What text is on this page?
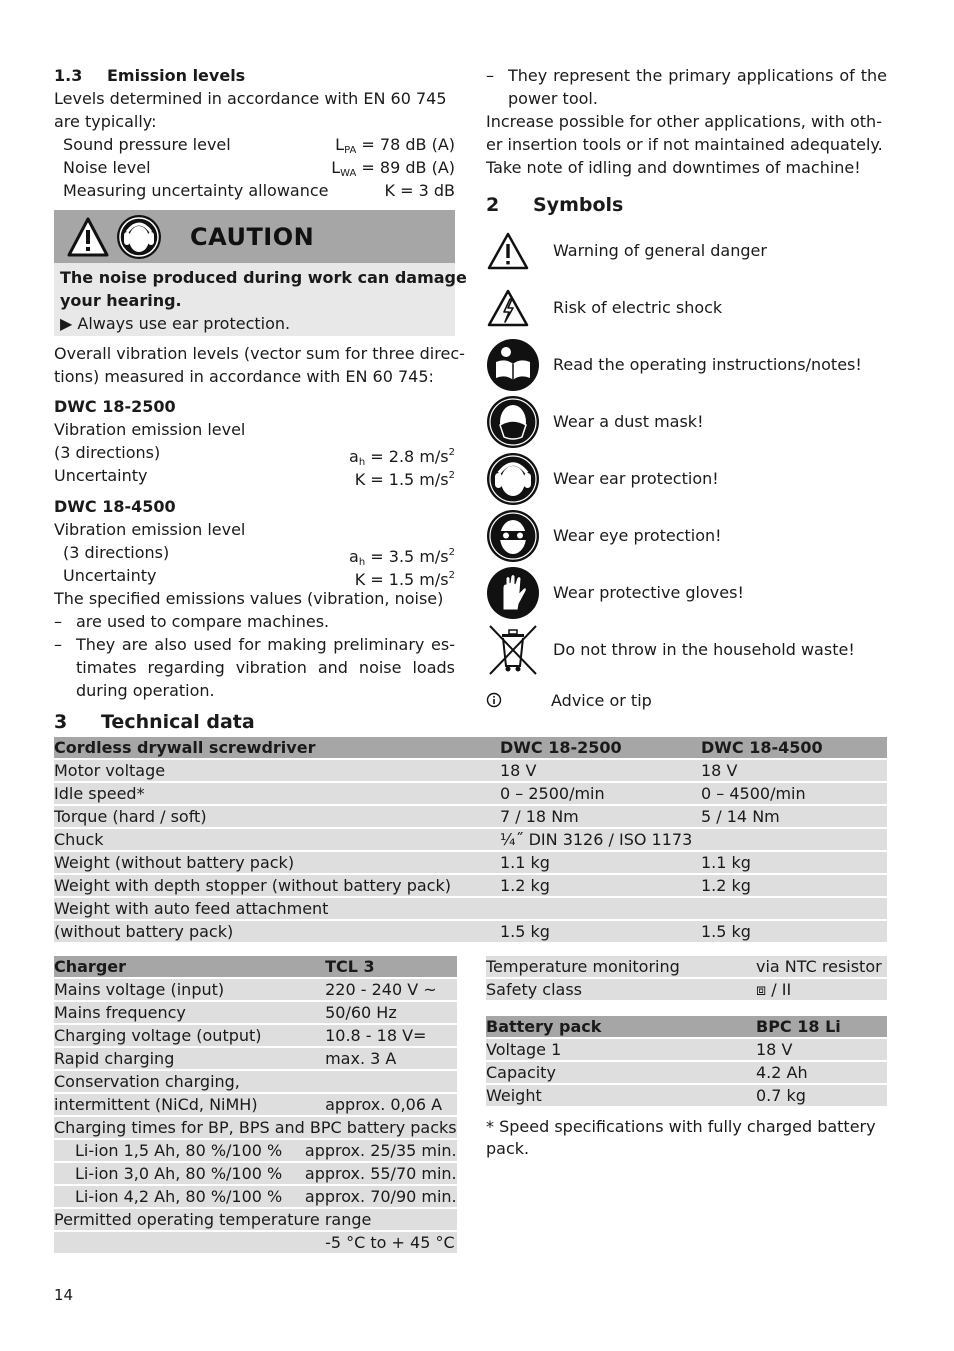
1.3 Emission levels
Levels determined in accordance with EN 60 745
are typically:
Sound pressure level	$L_{PA} = 78$ dB (A)
Noise level	$L_{WA} = 89$ dB (A)
Measuring uncertainty allowance	K = 3 dB
CAUTION
The noise produced during work can damage
your hearing.
▶ Always use ear protection.
Overall vibration levels (vector sum for three direc-
tions) measured in accordance with EN 60 745:
DWC 18-2500
Vibration emission level
(3 directions)	$a_h = 2.8$ $m/s^2$
Uncertainty	K = 1.5 $m/s^2$
DWC 18-4500
Vibration emission level
(3 directions)	$a_h = 3.5$ $m/s^2$
Uncertainty	K = 1.5 $m/s^2$
The specified emissions values (vibration, noise)
– are used to compare machines.
– They are also used for making preliminary es-timates regarding vibration and noise loads during operation.
– They represent the primary applications of the power tool.
Increase possible for other applications, with oth-
er insertion tools or if not maintained adequately.
Take note of idling and downtimes of machine!
2 Symbols
Warning of general danger
Risk of electric shock
Read the operating instructions/notes!
Wear a dust mask!
Wear ear protection!
Wear eye protection!
Wear protective gloves!
Do not throw in the household waste!
Advice or tip
3 Technical data
Cordless drywall screwdriver	DWC 18-2500	DWC 18-4500
Motor voltage	18 V	18 V
Idle speed*	0 – 2500/min	0 – 4500/min
Torque (hard / soft)	7 / 18 Nm	5 / 14 Nm
Chuck	¼˝ DIN 3126 / ISO 1173	
Weight (without battery pack)	1.1 kg	1.1 kg
Weight with depth stopper (without battery pack)	1.2 kg	1.2 kg
Weight with auto feed attachment		
(without battery pack)	1.5 kg	1.5 kg
Charger	TCL 3
Mains voltage (input)	220 - 240 V ~
Mains frequency	50/60 Hz
Charging voltage (output)	10.8 - 18 V=
Rapid charging	max. 3 A
Conservation charging,	
intermittent (NiCd, NiMH)	approx. 0,06 A
Charging times for BP, BPS and BPC battery packs	

Li-ion 1,5 Ah, 80 %/100 % approx. 25/35 min.	

Li-ion 3,0 Ah, 80 %/100 % approx. 55/70 min.	

Li-ion 4,2 Ah, 80 %/100 % approx. 70/90 min.	

Permitted operating temperature range	
	-5 °C to + 45 °C
Temperature monitoring	via NTC resistor
Safety class	⧈ / II
Battery pack	BPC 18 Li
Voltage 1	18 V
Capacity	4.2 Ah
Weight	0.7 kg
* Speed specifications with fully charged battery pack.
14
